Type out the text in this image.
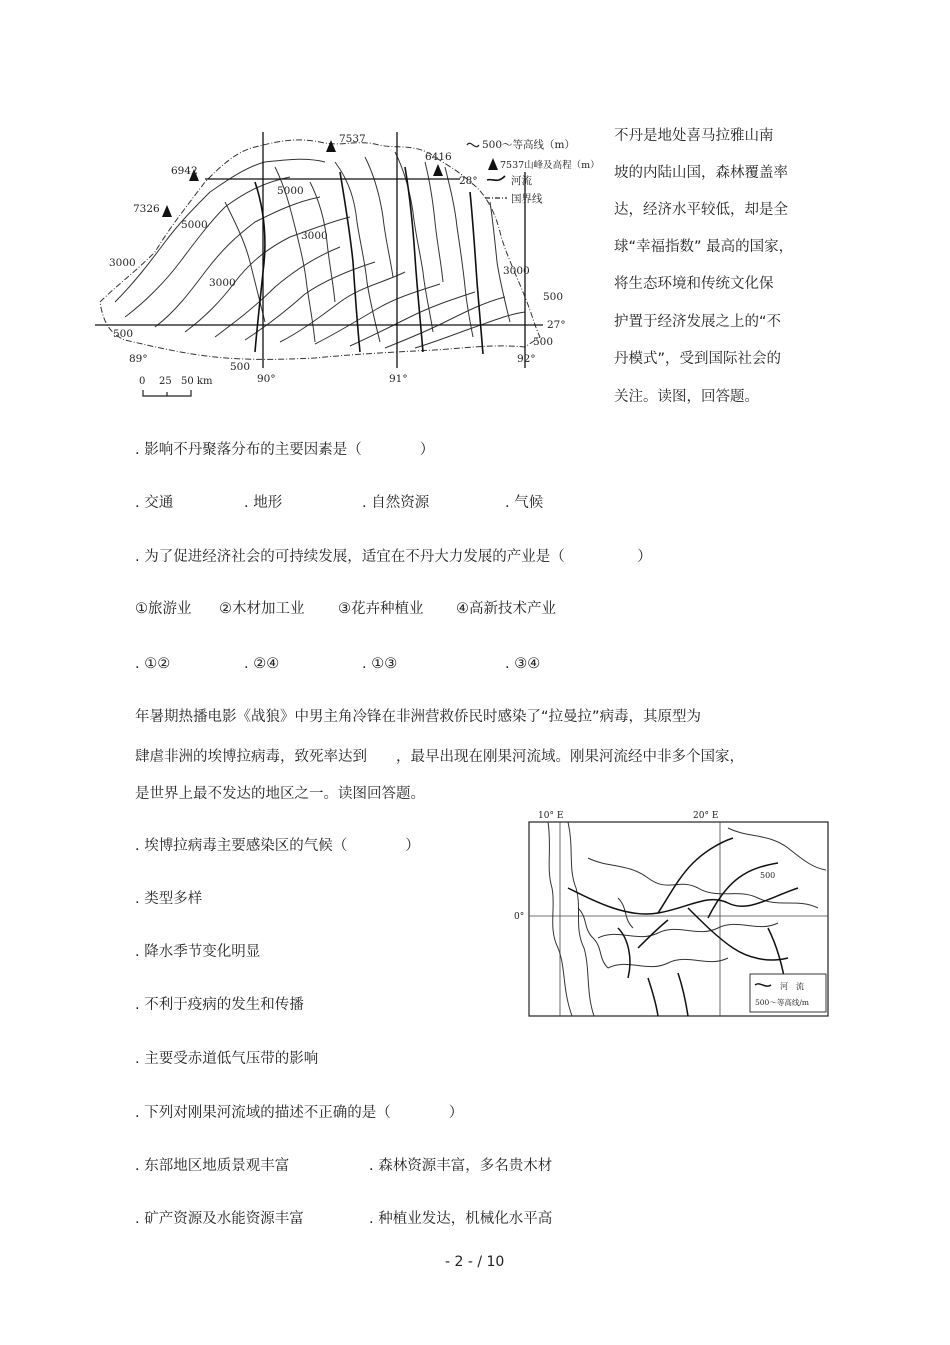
7537
6416
6942
7326
5000
5000
3000
3000
3000
3000
500
500
500
500
89°
90°	91°
92°
28°
27°
500～等高线（m）
7537山峰及高程（m）
河流
国界线
0 25 50 km
不丹是地处喜马拉雅山南
坡的内陆山国，森林覆盖率
达，经济水平较低，却是全
球“幸福指数” 最高的国家，
将生态环境和传统文化保
护置于经济发展之上的“不
丹模式”，受到国际社会的
关注。读图，回答题。
. 影响不丹聚落分布的主要因素是（　　　　）
. 交通	. 地形	. 自然资源	. 气候
. 为了促进经济社会的可持续发展，适宜在不丹大力发展的产业是（　　　　　）
①旅游业 ②木材加工业 ③花卉种植业 ④高新技术产业
. ①②	. ②④	. ①③	. ③④
年暑期热播电影《战狼》中男主角冷锋在非洲营救侨民时感染了“拉曼拉”病毒，其原型为
肆虐非洲的埃博拉病毒，致死率达到　　，最早出现在刚果河流域。刚果河流经中非多个国家，
是世界上最不发达的地区之一。读图回答题。
500
10° E	20° E
0°
河　流
500～等高线/m
. 埃博拉病毒主要感染区的气候（　　　　）
. 类型多样
. 降水季节变化明显
. 不利于疫病的发生和传播
. 主要受赤道低气压带的影响
. 下列对刚果河流域的描述不正确的是（　　　　）
. 东部地区地质景观丰富	. 森林资源丰富，多名贵木材
. 矿产资源及水能资源丰富	. 种植业发达，机械化水平高
- 2 - / 10
